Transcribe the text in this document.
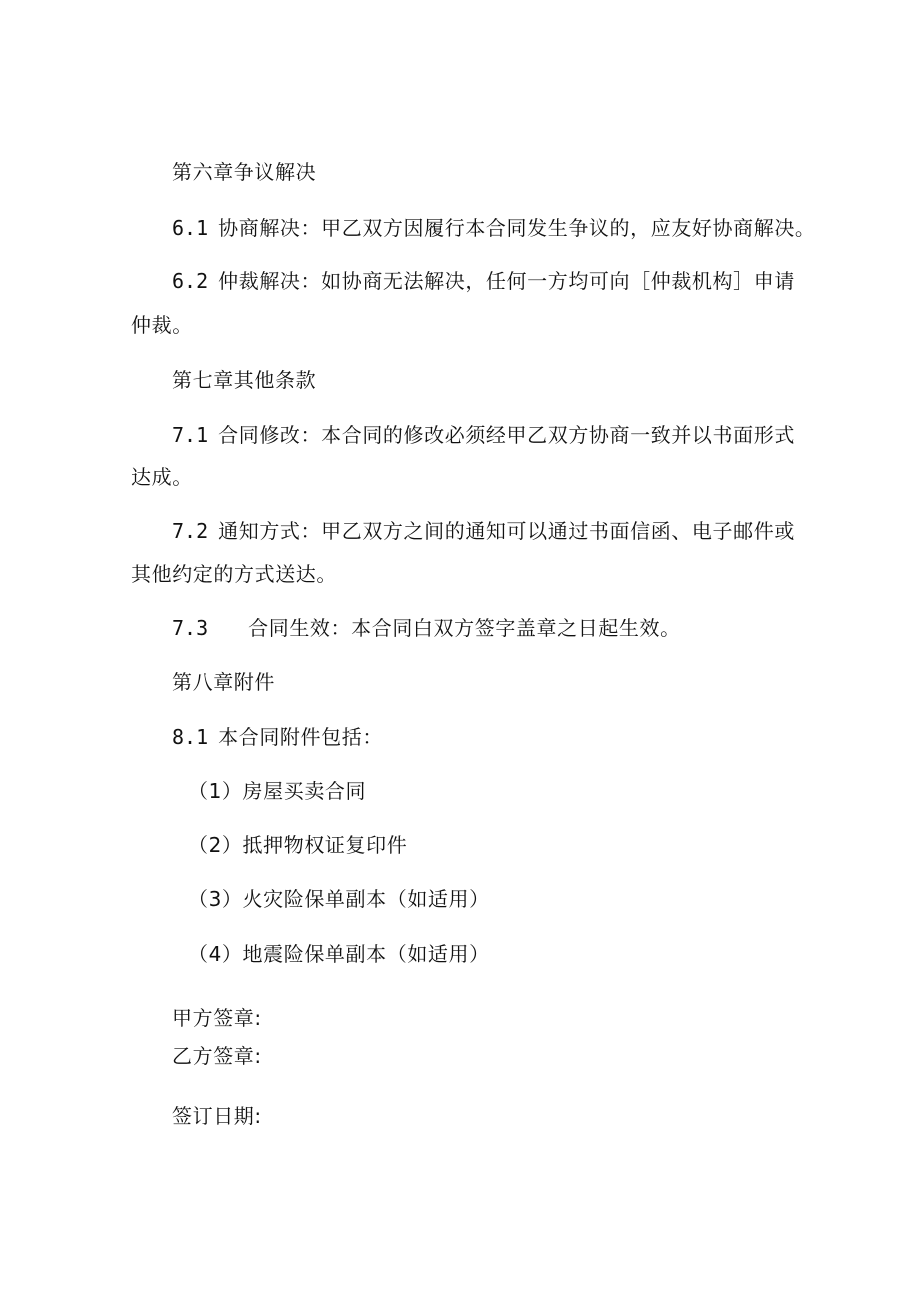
第六章争议解决
6.1 协商解决：甲乙双方因履行本合同发生争议的，应友好协商解决。
6.2 仲裁解决：如协商无法解决，任何一方均可向［仲裁机构］申请
仲裁。
第七章其他条款
7.1 合同修改：本合同的修改必须经甲乙双方协商一致并以书面形式
达成。
7.2 通知方式：甲乙双方之间的通知可以通过书面信函、电子邮件或
其他约定的方式送达。
7.3 合同生效：本合同白双方签字盖章之日起生效。
第八章附件
8.1 本合同附件包括：
（1）房屋买卖合同
（2）抵押物权证复印件
（3）火灾险保单副本（如适用）
（4）地震险保单副本（如适用）
甲方签章:
乙方签章:
签订日期:
